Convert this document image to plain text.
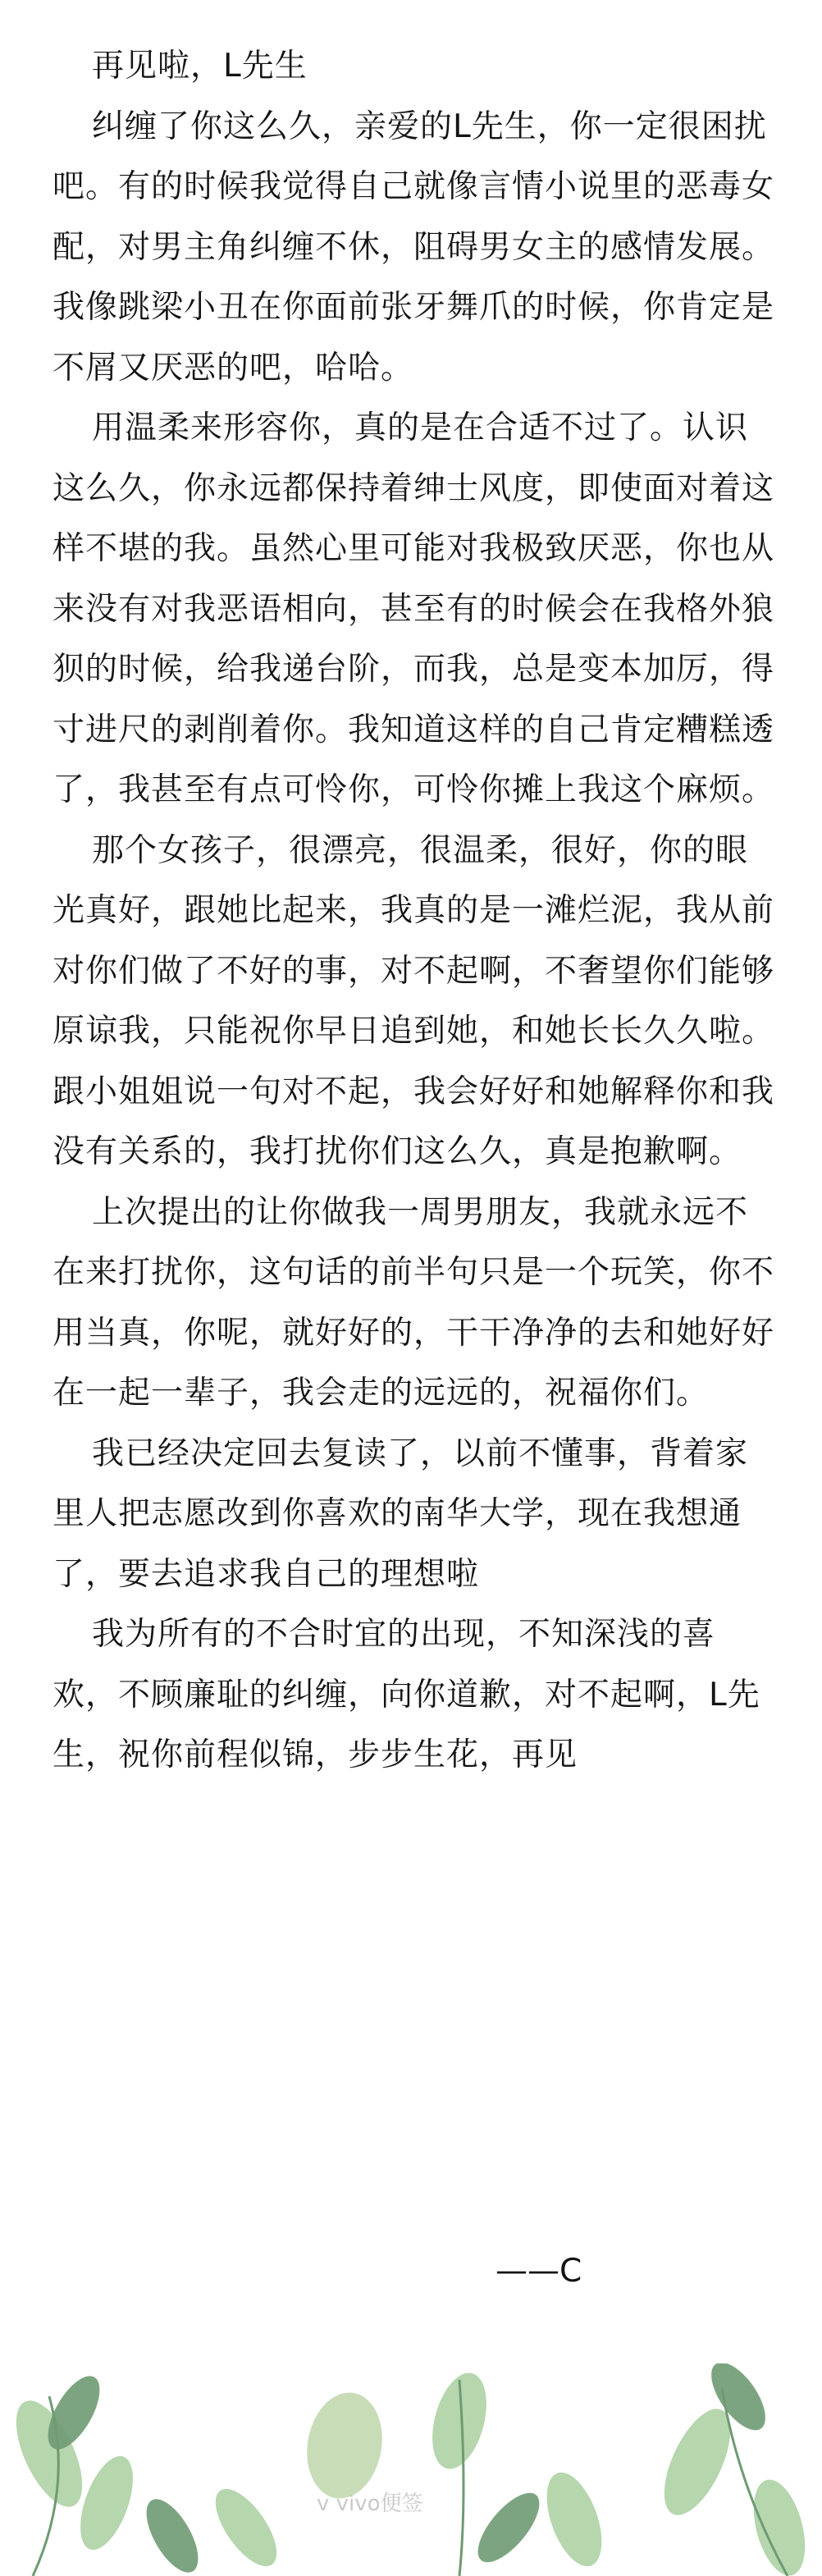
再见啦，L先生

纠缠了你这么久，亲爱的L先生，你一定很困扰吧。有的时候我觉得自己就像言情小说里的恶毒女配，对男主角纠缠不休，阻碍男女主的感情发展。我像跳梁小丑在你面前张牙舞爪的时候，你肯定是不屑又厌恶的吧，哈哈。

用温柔来形容你，真的是在合适不过了。认识这么久，你永远都保持着绅士风度，即使面对着这样不堪的我。虽然心里可能对我极致厌恶，你也从来没有对我恶语相向，甚至有的时候会在我格外狼狈的时候，给我递台阶，而我，总是变本加厉，得寸进尺的剥削着你。我知道这样的自己肯定糟糕透了，我甚至有点可怜你，可怜你摊上我这个麻烦。

那个女孩子，很漂亮，很温柔，很好，你的眼光真好，跟她比起来，我真的是一滩烂泥，我从前对你们做了不好的事，对不起啊，不奢望你们能够原谅我，只能祝你早日追到她，和她长长久久啦。跟小姐姐说一句对不起，我会好好和她解释你和我没有关系的，我打扰你们这么久，真是抱歉啊。

上次提出的让你做我一周男朋友，我就永远不在来打扰你，这句话的前半句只是一个玩笑，你不用当真，你呢，就好好的，干干净净的去和她好好在一起一辈子，我会走的远远的，祝福你们。

我已经决定回去复读了，以前不懂事，背着家里人把志愿改到你喜欢的南华大学，现在我想通了，要去追求我自己的理想啦

我为所有的不合时宜的出现，不知深浅的喜欢，不顾廉耻的纠缠，向你道歉，对不起啊，L先生，祝你前程似锦，步步生花，再见

——C
v vivo便签
